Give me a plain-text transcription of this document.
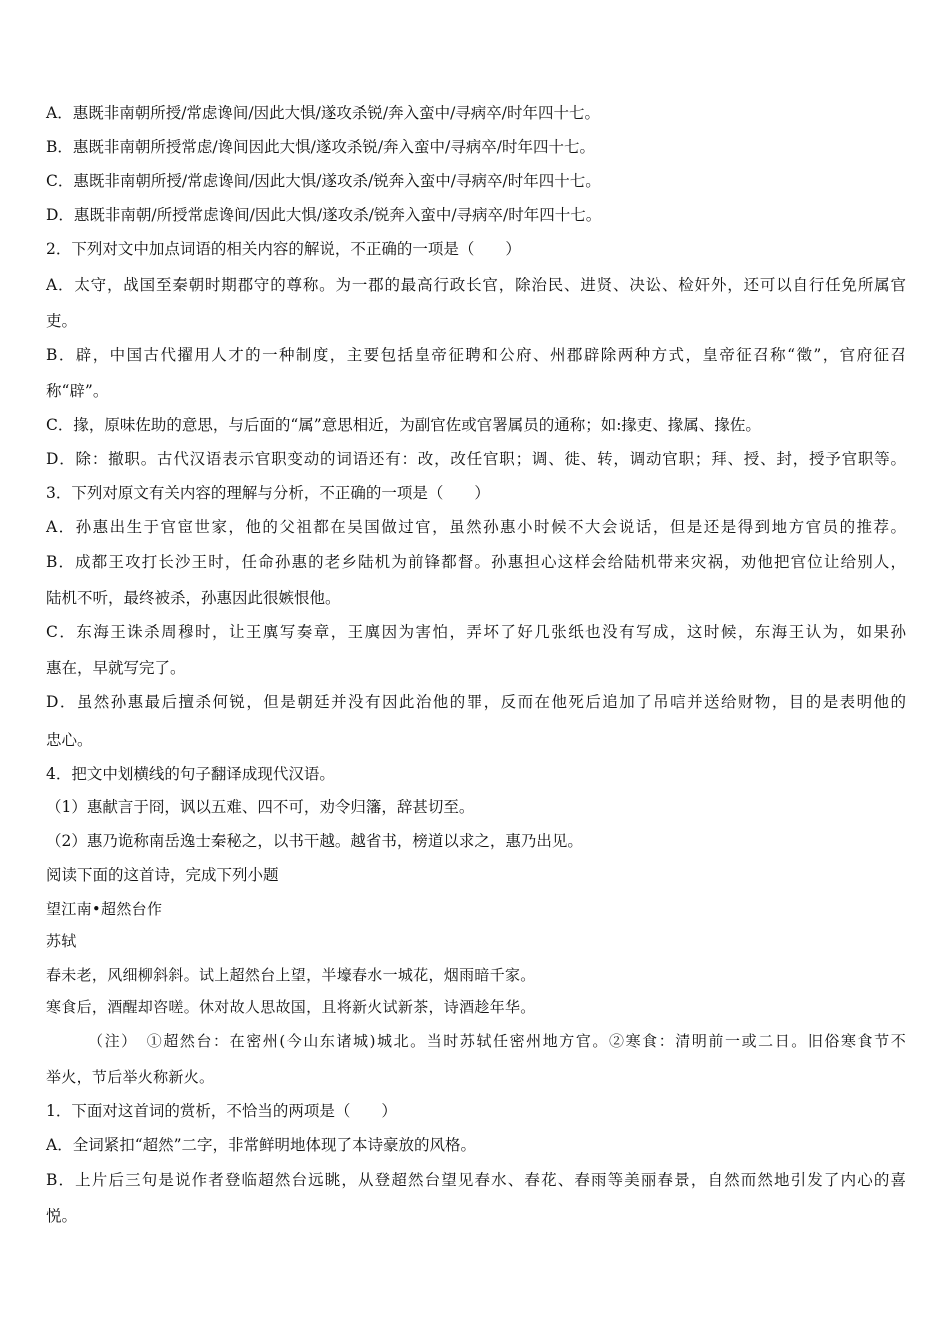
A．惠既非南朝所授/常虑谗间/因此大惧/遂攻杀锐/奔入蛮中/寻病卒/时年四十七。
B．惠既非南朝所授常虑/谗间因此大惧/遂攻杀锐/奔入蛮中/寻病卒/时年四十七。
C．惠既非南朝所授/常虑谗间/因此大惧/遂攻杀/锐奔入蛮中/寻病卒/时年四十七。
D．惠既非南朝/所授常虑谗间/因此大惧/遂攻杀/锐奔入蛮中/寻病卒/时年四十七。
2．下列对文中加点词语的相关内容的解说，不正确的一项是（　　）
A．太守，战国至秦朝时期郡守的尊称。为一郡的最高行政长官，除治民、进贤、决讼、检奸外，还可以自行任免所属官
吏。
B．辟，中国古代擢用人才的一种制度，主要包括皇帝征聘和公府、州郡辟除两种方式，皇帝征召称“徵”，官府征召
称“辟”。
C．掾，原味佐助的意思，与后面的“属”意思相近，为副官佐或官署属员的通称；如:掾吏、掾属、掾佐。
D．除：撤职。古代汉语表示官职变动的词语还有：改，改任官职；调、徙、转，调动官职；拜、授、封，授予官职等。
3．下列对原文有关内容的理解与分析，不正确的一项是（　　）
A．孙惠出生于官宦世家，他的父祖都在吴国做过官，虽然孙惠小时候不大会说话，但是还是得到地方官员的推荐。
B．成都王攻打长沙王时，任命孙惠的老乡陆机为前锋都督。孙惠担心这样会给陆机带来灾祸，劝他把官位让给别人，
陆机不听，最终被杀，孙惠因此很嫉恨他。
C．东海王诛杀周穆时，让王廙写奏章，王廙因为害怕，弄坏了好几张纸也没有写成，这时候，东海王认为，如果孙
惠在，早就写完了。
D．虽然孙惠最后擅杀何锐，但是朝廷并没有因此治他的罪，反而在他死后追加了吊唁并送给财物，目的是表明他的
忠心。
4．把文中划横线的句子翻译成现代汉语。
（1）惠献言于冏，讽以五难、四不可，劝令归籓，辞甚切至。
（2）惠乃诡称南岳逸士秦秘之，以书干越。越省书，榜道以求之，惠乃出见。
阅读下面的这首诗，完成下列小题
望江南•超然台作
苏轼
春未老，风细柳斜斜。试上超然台上望，半壕春水一城花，烟雨暗千家。
寒食后，酒醒却咨嗟。休对故人思故国，且将新火试新茶，诗酒趁年华。
（注）　①超然台：在密州(今山东诸城)城北。当时苏轼任密州地方官。②寒食：清明前一或二日。旧俗寒食节不
举火，节后举火称新火。
1．下面对这首词的赏析，不恰当的两项是（　　）
A．全词紧扣“超然”二字，非常鲜明地体现了本诗豪放的风格。
B．上片后三句是说作者登临超然台远眺，从登超然台望见春水、春花、春雨等美丽春景，自然而然地引发了内心的喜
悦。
